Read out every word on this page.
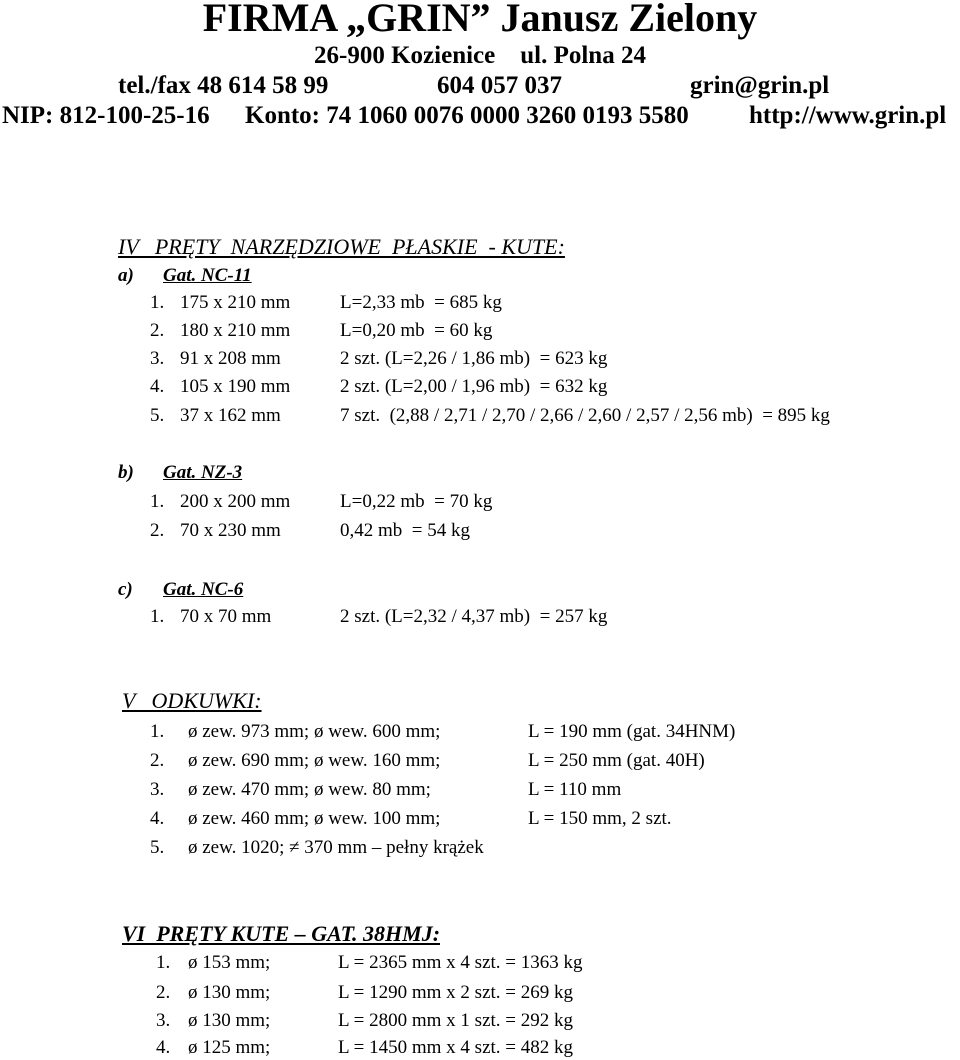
FIRMA „GRIN” Janusz Zielony
26-900 Kozienice    ul. Polna 24
tel./fax 48 614 58 99	604 057 037	grin@grin.pl
NIP: 812-100-25-16 Konto: 74 1060 0076 0000 3260 0193 5580 http://www.grin.pl
IV   PRĘTY  NARZĘDZIOWE  PŁASKIE  - KUTE:
a) Gat. NC-11
1. 175 x 210 mm	L=2,33 mb  = 685 kg
2. 180 x 210 mm	L=0,20 mb  = 60 kg
3. 91 x 208 mm	2 szt. (L=2,26 / 1,86 mb)  = 623 kg
4. 105 x 190 mm	2 szt. (L=2,00 / 1,96 mb)  = 632 kg
5. 37 x 162 mm	7 szt.  (2,88 / 2,71 / 2,70 / 2,66 / 2,60 / 2,57 / 2,56 mb)  = 895 kg
b) Gat. NZ-3
1. 200 x 200 mm	L=0,22 mb  = 70 kg
2. 70 x 230 mm	0,42 mb  = 54 kg
c) Gat. NC-6
1. 70 x 70 mm	2 szt. (L=2,32 / 4,37 mb)  = 257 kg
V   ODKUWKI:
1. ø zew. 973 mm; ø wew. 600 mm;	L = 190 mm (gat. 34HNM)
2. ø zew. 690 mm; ø wew. 160 mm;	L = 250 mm (gat. 40H)
3. ø zew. 470 mm; ø wew. 80 mm;	L = 110 mm
4. ø zew. 460 mm; ø wew. 100 mm;	L = 150 mm, 2 szt.
5. ø zew. 1020; ≠ 370 mm – pełny krążek
VI  PRĘTY KUTE – GAT. 38HMJ:
1. ø 153 mm;	L = 2365 mm x 4 szt. = 1363 kg
2. ø 130 mm;	L = 1290 mm x 2 szt. = 269 kg
3. ø 130 mm;	L = 2800 mm x 1 szt. = 292 kg
4. ø 125 mm;	L = 1450 mm x 4 szt. = 482 kg
